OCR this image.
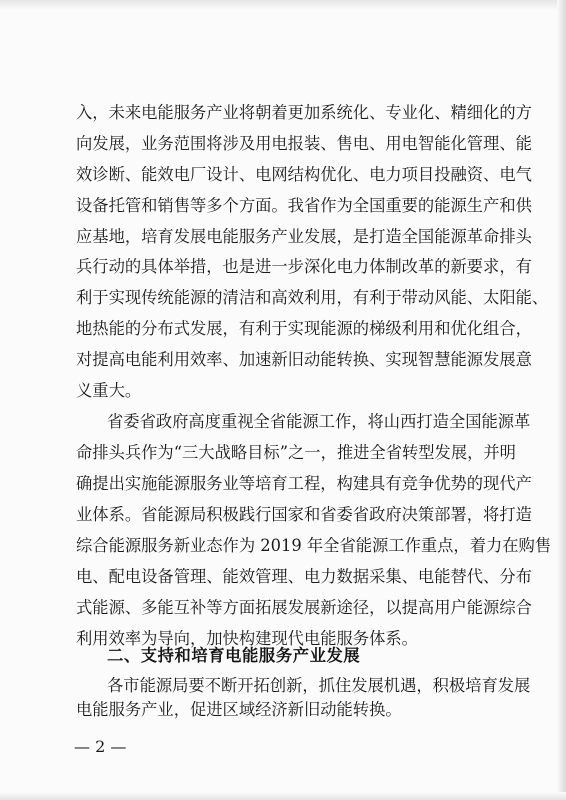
入，未来电能服务产业将朝着更加系统化、专业化、精细化的方
向发展，业务范围将涉及用电报装、售电、用电智能化管理、能
效诊断、能效电厂设计、电网结构优化、电力项目投融资、电气
设备托管和销售等多个方面。我省作为全国重要的能源生产和供
应基地，培育发展电能服务产业发展，是打造全国能源革命排头
兵行动的具体举措，也是进一步深化电力体制改革的新要求，有
利于实现传统能源的清洁和高效利用，有利于带动风能、太阳能、
地热能的分布式发展，有利于实现能源的梯级利用和优化组合，
对提高电能利用效率、加速新旧动能转换、实现智慧能源发展意
义重大。
省委省政府高度重视全省能源工作，将山西打造全国能源革
命排头兵作为“三大战略目标”之一，推进全省转型发展，并明
确提出实施能源服务业等培育工程，构建具有竞争优势的现代产
业体系。省能源局积极践行国家和省委省政府决策部署，将打造
综合能源服务新业态作为 2019 年全省能源工作重点，着力在购售
电、配电设备管理、能效管理、电力数据采集、电能替代、分布
式能源、多能互补等方面拓展发展新途径，以提高用户能源综合
利用效率为导向，加快构建现代电能服务体系。
二、支持和培育电能服务产业发展
各市能源局要不断开拓创新，抓住发展机遇，积极培育发展
电能服务产业，促进区域经济新旧动能转换。
— 2 —
